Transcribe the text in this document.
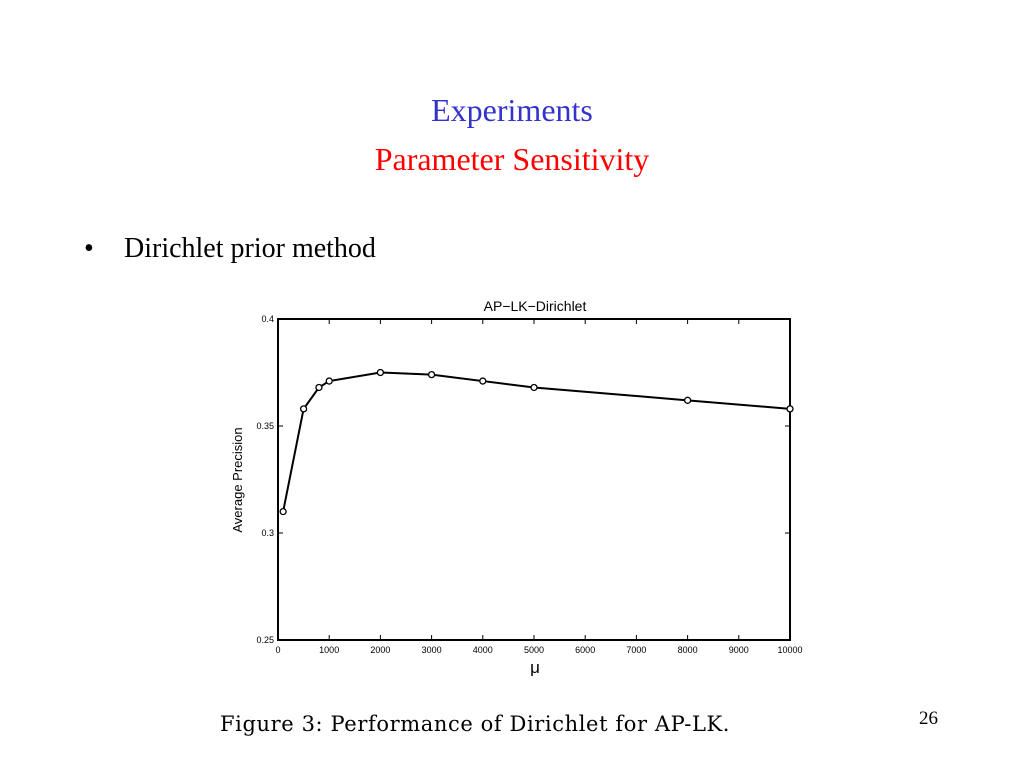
Experiments
Parameter Sensitivity
•	Dirichlet prior method
AP−LK−Dirichlet
0	1000	2000	3000	4000	5000	6000	7000	8000	9000	10000
0.25
0.3
0.35
0.4
μ
Average Precision
Figure 3: Performance of Dirichlet for AP-LK.	26
